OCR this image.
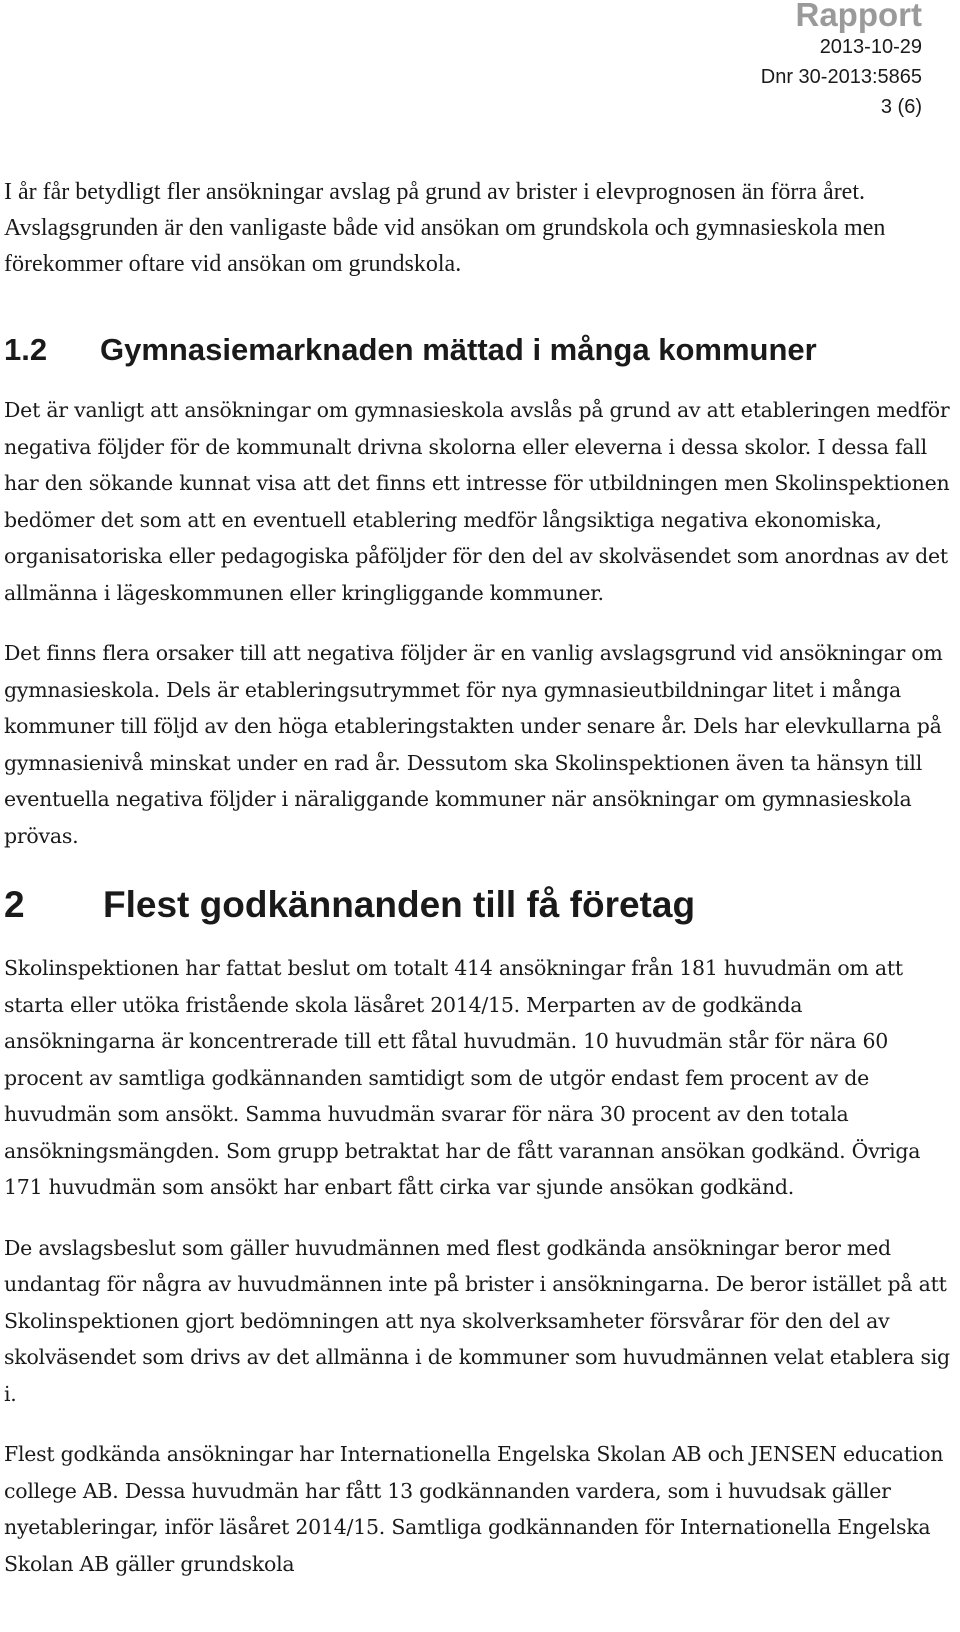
Rapport
2013-10-29
Dnr 30-2013:5865
3 (6)

I år får betydligt fler ansökningar avslag på grund av brister i elevprognosen än förra året. Avslagsgrunden är den vanligaste både vid ansökan om grundskola och gymnasieskola men förekommer oftare vid ansökan om grundskola.

1.2	Gymnasiemarknaden mättad i många kommuner

Det är vanligt att ansökningar om gymnasieskola avslås på grund av att etableringen medför negativa följder för de kommunalt drivna skolorna eller eleverna i dessa skolor. I dessa fall har den sökande kunnat visa att det finns ett intresse för utbildningen men Skolinspektionen bedömer det som att en eventuell etablering medför långsiktiga negativa ekonomiska, organisatoriska eller pedagogiska påföljder för den del av skolväsendet som anordnas av det allmänna i lägeskommunen eller kringliggande kommuner.

Det finns flera orsaker till att negativa följder är en vanlig avslagsgrund vid ansökningar om gymnasieskola. Dels är etableringsutrymmet för nya gymnasieutbildningar litet i många kommuner till följd av den höga etableringstakten under senare år. Dels har elevkullarna på gymnasienivå minskat under en rad år. Dessutom ska Skolinspektionen även ta hänsyn till eventuella negativa följder i näraliggande kommuner när ansökningar om gymnasieskola prövas.

2	Flest godkännanden till få företag

Skolinspektionen har fattat beslut om totalt 414 ansökningar från 181 huvudmän om att starta eller utöka fristående skola läsåret 2014/15. Merparten av de godkända ansökningarna är koncentrerade till ett fåtal huvudmän. 10 huvudmän står för nära 60 procent av samtliga godkännanden samtidigt som de utgör endast fem procent av de huvudmän som ansökt. Samma huvudmän svarar för nära 30 procent av den totala ansökningsmängden. Som grupp betraktat har de fått varannan ansökan godkänd. Övriga 171 huvudmän som ansökt har enbart fått cirka var sjunde ansökan godkänd.

De avslagsbeslut som gäller huvudmännen med flest godkända ansökningar beror med undantag för några av huvudmännen inte på brister i ansökningarna. De beror istället på att Skolinspektionen gjort bedömningen att nya skolverksamheter försvårar för den del av skolväsendet som drivs av det allmänna i de kommuner som huvudmännen velat etablera sig i.

Flest godkända ansökningar har Internationella Engelska Skolan AB och JENSEN education college AB. Dessa huvudmän har fått 13 godkännanden vardera, som i huvudsak gäller nyetableringar, inför läsåret 2014/15. Samtliga godkännanden för Internationella Engelska Skolan AB gäller grundskola
